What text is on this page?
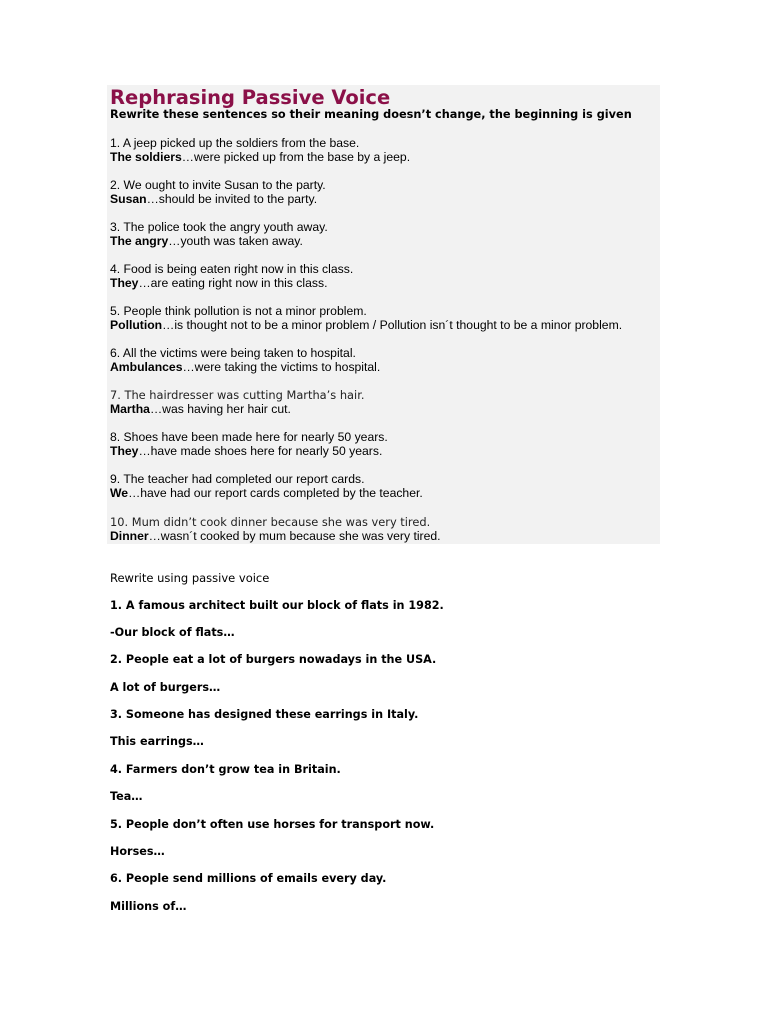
Rephrasing Passive Voice
Rewrite these sentences so their meaning doesn’t change, the beginning is given
1. A jeep picked up the soldiers from the base.
The soldiers…were picked up from the base by a jeep.
2. We ought to invite Susan to the party.
Susan…should be invited to the party.
3. The police took the angry youth away.
The angry…youth was taken away.
4. Food is being eaten right now in this class.
They…are eating right now in this class.
5. People think pollution is not a minor problem.
Pollution…is thought not to be a minor problem / Pollution isn´t thought to be a minor problem.
6. All the victims were being taken to hospital.
Ambulances…were taking the victims to hospital.
7. The hairdresser was cutting Martha’s hair.
Martha…was having her hair cut.
8. Shoes have been made here for nearly 50 years.
They…have made shoes here for nearly 50 years.
9. The teacher had completed our report cards.
We…have had our report cards completed by the teacher.
10. Mum didn’t cook dinner because she was very tired.
Dinner…wasn´t cooked by mum because she was very tired.
Rewrite using passive voice
1. A famous architect built our block of flats in 1982.
-Our block of flats…
2. People eat a lot of burgers nowadays in the USA.
A lot of burgers…
3. Someone has designed these earrings in Italy.
This earrings…
4. Farmers don’t grow tea in Britain.
Tea…
5. People don’t often use horses for transport now.
Horses…
6. People send millions of emails every day.
Millions of…
